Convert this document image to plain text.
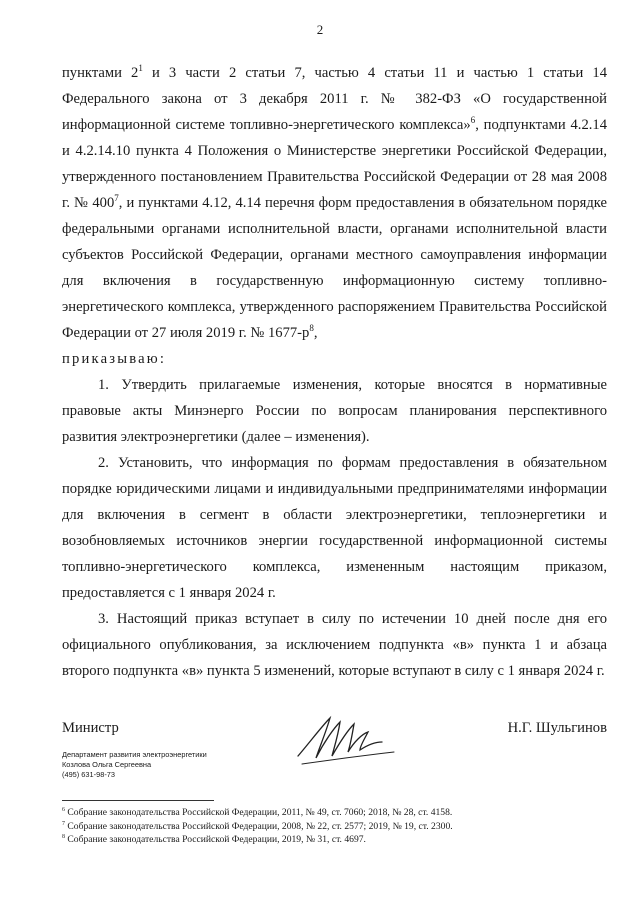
2

пунктами $2^1$ и 3 части 2 статьи 7, частью 4 статьи 11 и частью 1 статьи 14 Федерального закона от 3 декабря 2011 г. № 382-ФЗ «О государственной информационной системе топливно-энергетического комплекса»$^6$, подпунктами 4.2.14 и 4.2.14.10 пункта 4 Положения о Министерстве энергетики Российской Федерации, утвержденного постановлением Правительства Российской Федерации от 28 мая 2008 г. № $400^7$, и пунктами 4.12, 4.14 перечня форм предоставления в обязательном порядке федеральными органами исполнительной власти, органами исполнительной власти субъектов Российской Федерации, органами местного самоуправления информации для включения в государственную информационную систему топливно-энергетического комплекса, утвержденного распоряжением Правительства Российской Федерации от 27 июля 2019 г. № $1677-р^8$,

приказываю:

1. Утвердить прилагаемые изменения, которые вносятся в нормативные правовые акты Минэнерго России по вопросам планирования перспективного развития электроэнергетики (далее – изменения).

2. Установить, что информация по формам предоставления в обязательном порядке юридическими лицами и индивидуальными предпринимателями информации для включения в сегмент в области электроэнергетики, теплоэнергетики и возобновляемых источников энергии государственной информационной системы топливно-энергетического комплекса, измененным настоящим приказом, предоставляется с 1 января 2024 г.

3. Настоящий приказ вступает в силу по истечении 10 дней после дня его официального опубликования, за исключением подпункта «в» пункта 1 и абзаца второго подпункта «в» пункта 5 изменений, которые вступают в силу с 1 января 2024 г.

Министр	Н.Г. Шульгинов
Департамент развития электроэнергетики
Козлова Ольга Сергеевна
(495) 631-98-73
$^6$ Собрание законодательства Российской Федерации, 2011, № 49, ст. 7060; 2018, № 28, ст. 4158.
$^7$ Собрание законодательства Российской Федерации, 2008, № 22, ст. 2577; 2019, № 19, ст. 2300.
$^8$ Собрание законодательства Российской Федерации, 2019, № 31, ст. 4697.
